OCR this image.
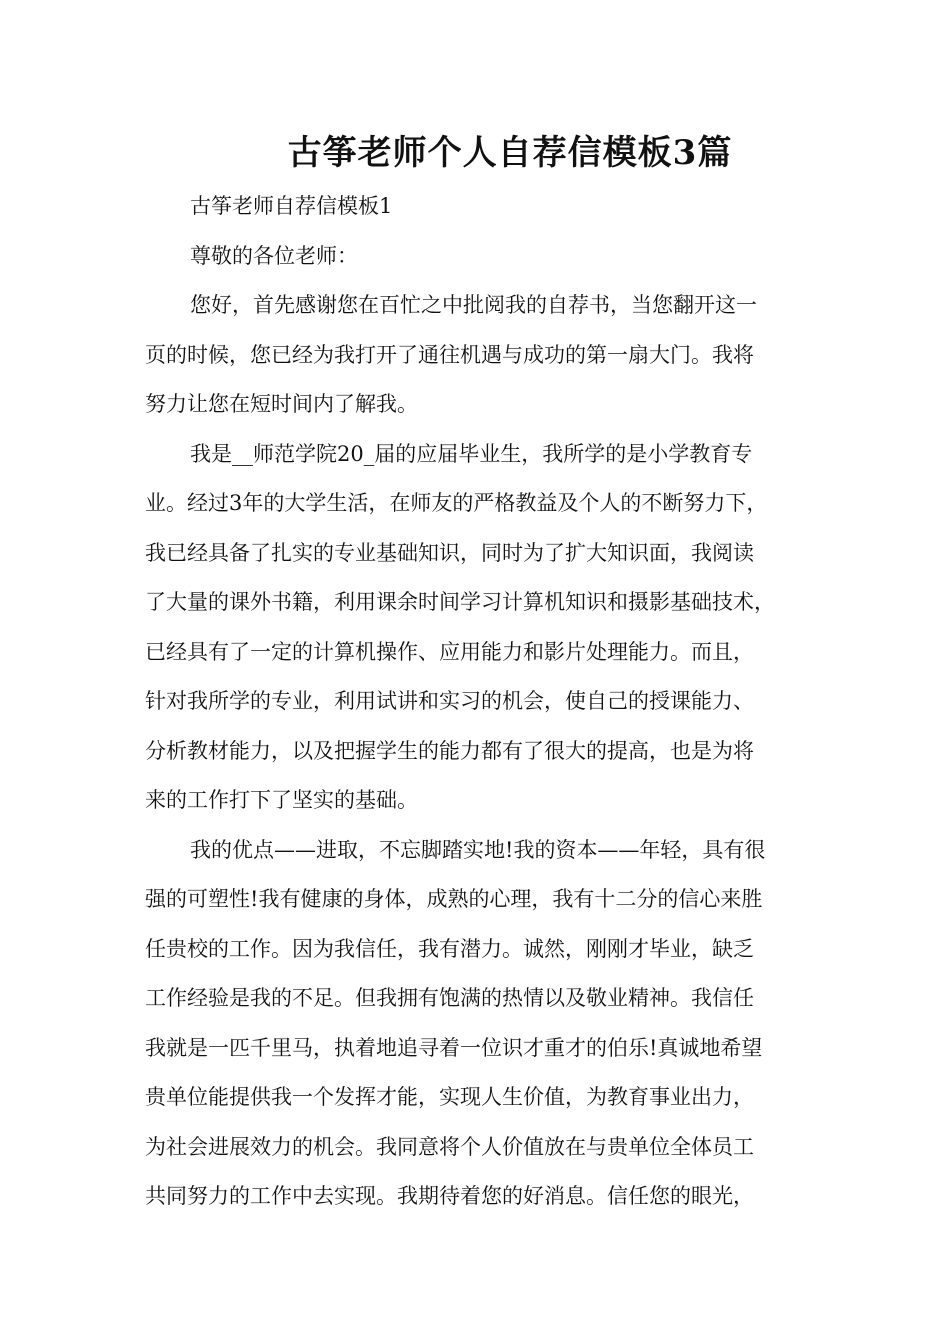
古筝老师个人自荐信模板3篇
古筝老师自荐信模板1
尊敬的各位老师：
您好，首先感谢您在百忙之中批阅我的自荐书，当您翻开这一
页的时候，您已经为我打开了通往机遇与成功的第一扇大门。我将
努力让您在短时间内了解我。
我是__师范学院20_届的应届毕业生，我所学的是小学教育专
业。经过3年的大学生活，在师友的严格教益及个人的不断努力下，
我已经具备了扎实的专业基础知识，同时为了扩大知识面，我阅读
了大量的课外书籍，利用课余时间学习计算机知识和摄影基础技术，
已经具有了一定的计算机操作、应用能力和影片处理能力。而且，
针对我所学的专业，利用试讲和实习的机会，使自己的授课能力、
分析教材能力，以及把握学生的能力都有了很大的提高，也是为将
来的工作打下了坚实的基础。
我的优点——进取，不忘脚踏实地!我的资本——年轻，具有很
强的可塑性!我有健康的身体，成熟的心理，我有十二分的信心来胜
任贵校的工作。因为我信任，我有潜力。诚然，刚刚才毕业，缺乏
工作经验是我的不足。但我拥有饱满的热情以及敬业精神。我信任
我就是一匹千里马，执着地追寻着一位识才重才的伯乐!真诚地希望
贵单位能提供我一个发挥才能，实现人生价值，为教育事业出力，
为社会进展效力的机会。我同意将个人价值放在与贵单位全体员工
共同努力的工作中去实现。我期待着您的好消息。信任您的眼光，
